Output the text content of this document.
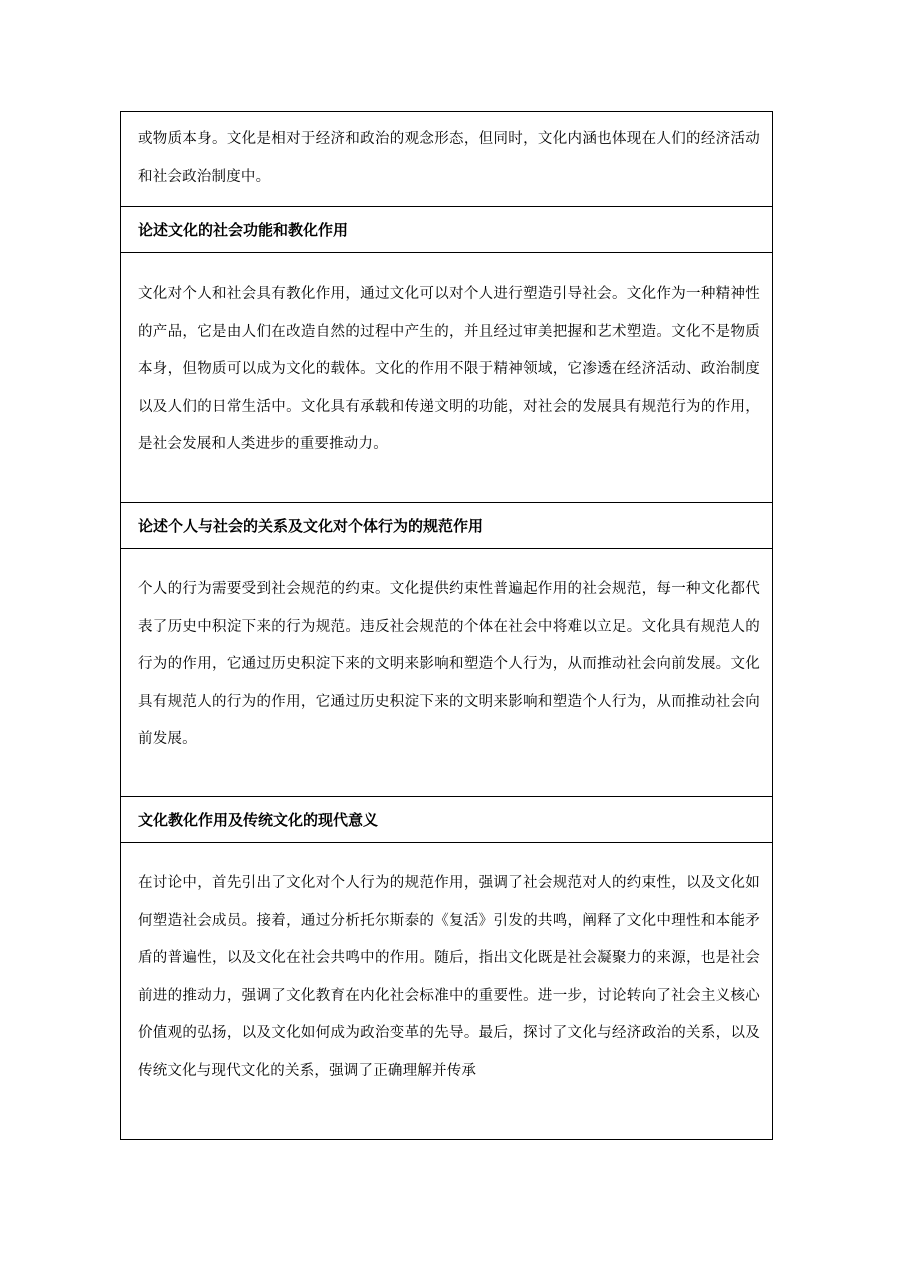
或物质本身。文化是相对于经济和政治的观念形态，但同时，文化内涵也体现在人们的经济活动和社会政治制度中。

论述文化的社会功能和教化作用

文化对个人和社会具有教化作用，通过文化可以对个人进行塑造引导社会。文化作为一种精神性的产品，它是由人们在改造自然的过程中产生的，并且经过审美把握和艺术塑造。文化不是物质本身，但物质可以成为文化的载体。文化的作用不限于精神领域，它渗透在经济活动、政治制度以及人们的日常生活中。文化具有承载和传递文明的功能，对社会的发展具有规范行为的作用，是社会发展和人类进步的重要推动力。

论述个人与社会的关系及文化对个体行为的规范作用

个人的行为需要受到社会规范的约束。文化提供约束性普遍起作用的社会规范，每一种文化都代表了历史中积淀下来的行为规范。违反社会规范的个体在社会中将难以立足。文化具有规范人的行为的作用，它通过历史积淀下来的文明来影响和塑造个人行为，从而推动社会向前发展。文化具有规范人的行为的作用，它通过历史积淀下来的文明来影响和塑造个人行为，从而推动社会向前发展。

文化教化作用及传统文化的现代意义

在讨论中，首先引出了文化对个人行为的规范作用，强调了社会规范对人的约束性，以及文化如何塑造社会成员。接着，通过分析托尔斯泰的《复活》引发的共鸣，阐释了文化中理性和本能矛盾的普遍性，以及文化在社会共鸣中的作用。随后，指出文化既是社会凝聚力的来源，也是社会前进的推动力，强调了文化教育在内化社会标准中的重要性。进一步，讨论转向了社会主义核心价值观的弘扬，以及文化如何成为政治变革的先导。最后，探讨了文化与经济政治的关系，以及传统文化与现代文化的关系，强调了正确理解并传承
